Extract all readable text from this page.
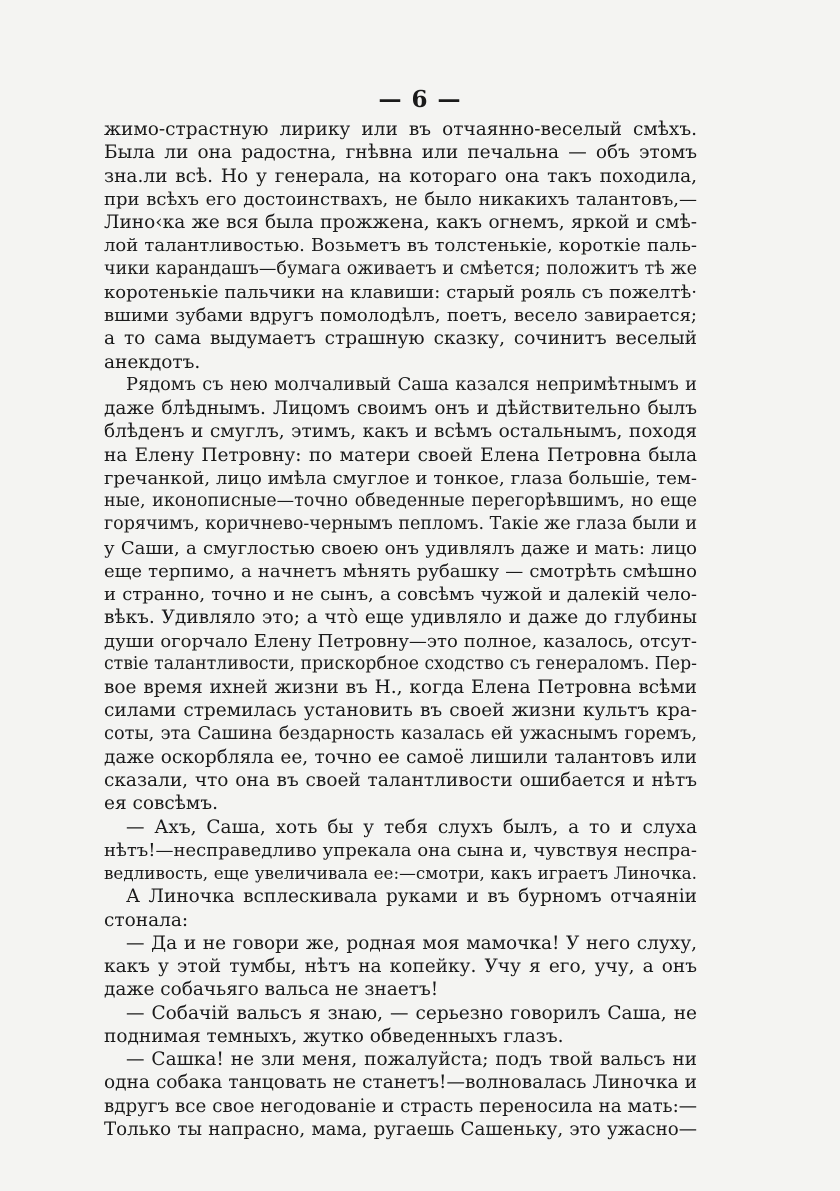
— 6 —
жимо-страстную лирику или въ отчаянно-веселый смѣхъ.
Была ли она радостна, гнѣвна или печальна — объ этомъ
зна.ли всѣ. Но у генерала, на котораго она такъ походила,
при всѣхъ его достоинствахъ, не было никакихъ талантовъ,—
Лино‹ка же вся была прожжена, какъ огнемъ, яркой и смѣ-
лой талантливостью. Возьметъ въ толстенькіе, короткіе паль-
чики карандашъ—бумага оживаетъ и смѣется; положитъ тѣ же
коротенькіе пальчики на клавиши: старый рояль съ пожелтѣ·
вшими зубами вдругъ помолодѣлъ, поетъ, весело завирается;
а то сама выдумаетъ страшную сказку, сочинитъ веселый
анекдотъ.
Рядомъ съ нею молчаливый Саша казался непримѣтнымъ и
даже блѣднымъ. Лицомъ своимъ онъ и дѣйствительно былъ
блѣденъ и смуглъ, этимъ, какъ и всѣмъ остальнымъ, походя
на Елену Петровну: по матери своей Елена Петровна была
гречанкой, лицо имѣла смуглое и тонкое, глаза большіе, тем-
ные, иконописные—точно обведенные перегорѣвшимъ, но еще
горячимъ, коричнево-чернымъ пепломъ. Такіе же глаза были и
у Саши, а смуглостью своею онъ удивлялъ даже и мать: лицо
еще терпимо, а начнетъ мѣнять рубашку — смотрѣть смѣшно
и странно, точно и не сынъ, а совсѣмъ чужой и далекій чело-
вѣкъ. Удивляло это; а что̀ еще удивляло и даже до глубины
души огорчало Елену Петровну—это полное, казалось, отсут-
ствіе талантливости, прискорбное сходство съ генераломъ. Пер-
вое время ихней жизни въ Н., когда Елена Петровна всѣми
силами стремилась установить въ своей жизни культъ кра-
соты, эта Сашина бездарность казалась ей ужаснымъ горемъ,
даже оскорбляла ее, точно ее самоё лишили талантовъ или
сказали, что она въ своей талантливости ошибается и нѣтъ
ея совсѣмъ.
— Ахъ, Саша, хоть бы у тебя слухъ былъ, а то и слуха
нѣтъ!—несправедливо упрекала она сына и, чувствуя неспра-
ведливость, еще увеличивала ее:—смотри, какъ играетъ Линочка.
А Линочка всплескивала руками и въ бурномъ отчаяніи
стонала:
— Да и не говори же, родная моя мамочка! У него слуху,
какъ у этой тумбы, нѣтъ на копейку. Учу я его, учу, а онъ
даже собачьяго вальса не знаетъ!
— Собачій вальсъ я знаю, — серьезно говорилъ Саша, не
поднимая темныхъ, жутко обведенныхъ глазъ.
— Сашка! не зли меня, пожалуйста; подъ твой вальсъ ни
одна собака танцовать не станетъ!—волновалась Линочка и
вдругъ все свое негодованіе и страсть переносила на мать:—
Только ты напрасно, мама, ругаешь Сашеньку, это ужасно—
